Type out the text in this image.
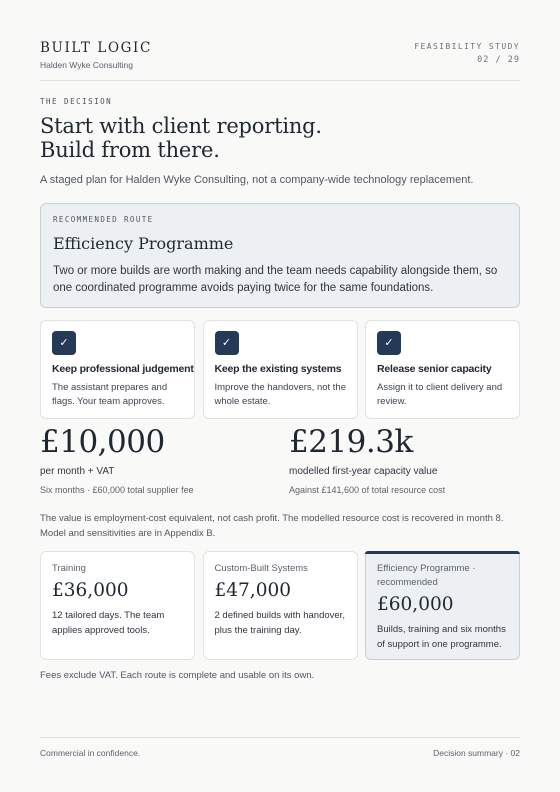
BUILT LOGIC
Halden Wyke Consulting
FEASIBILITY STUDY
02 / 29
THE DECISION
Start with client reporting.
Build from there.

A staged plan for Halden Wyke Consulting, not a company-wide technology replacement.

RECOMMENDED ROUTE
Efficiency Programme
Two or more builds are worth making and the team needs capability alongside them, so one coordinated programme avoids paying twice for the same foundations.
✓
Keep professional judgement
The assistant prepares and flags. Your team approves.
✓
Keep the existing systems
Improve the handovers, not the whole estate.
✓
Release senior capacity
Assign it to client delivery and review.
£10,000
per month + VAT
Six months · £60,000 total supplier fee
£219.3k
modelled first-year capacity value
Against £141,600 of total resource cost

The value is employment-cost equivalent, not cash profit. The modelled resource cost is recovered in month 8. Model and sensitivities are in Appendix B.

Training
£36,000
12 tailored days. The team applies approved tools.
Custom-Built Systems
£47,000
2 defined builds with handover, plus the training day.
Efficiency Programme · recommended
£60,000
Builds, training and six months of support in one programme.

Fees exclude VAT. Each route is complete and usable on its own.

Commercial in confidence.	Decision summary · 02
